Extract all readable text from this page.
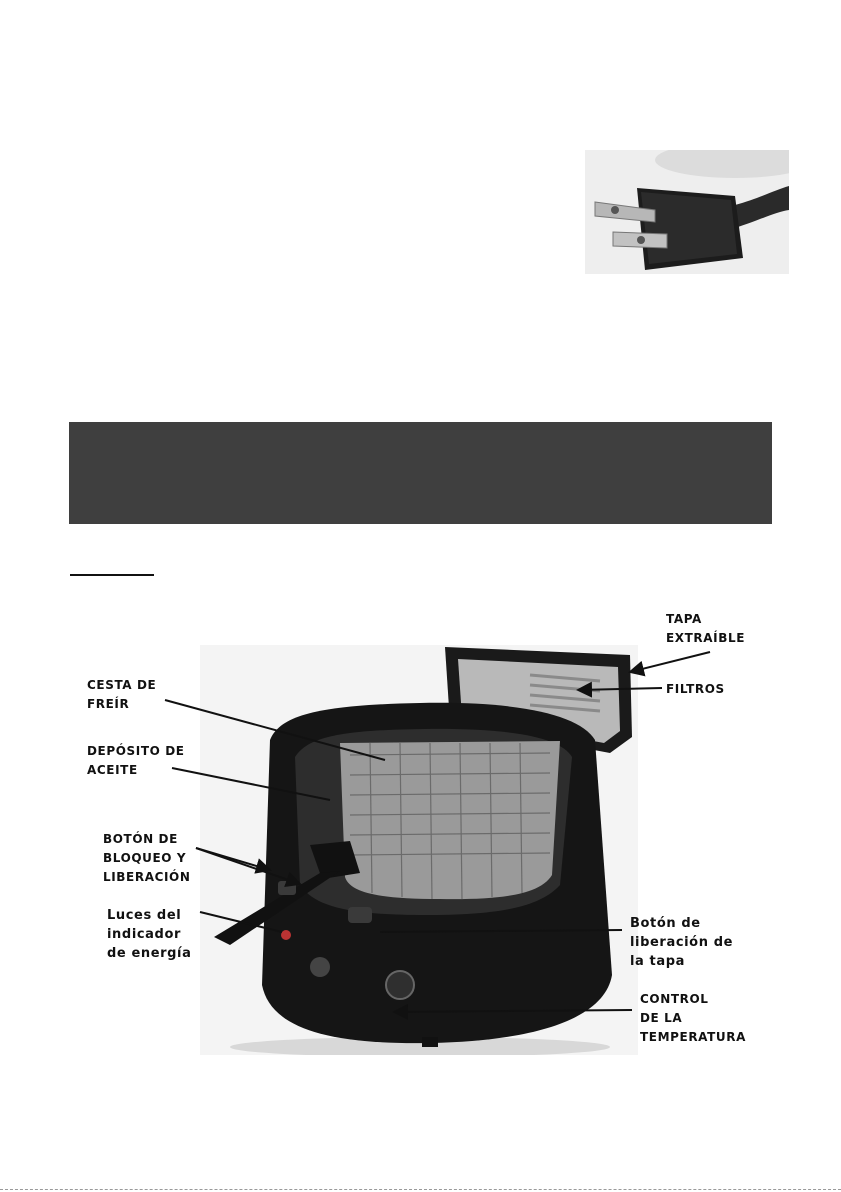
TAPA
EXTRAÍBLE
FILTROS
CESTA DE
FREÍR
DEPÓSITO DE
ACEITE
BOTÓN DE
BLOQUEO Y
LIBERACIÓN
Luces del
indicador
de energía
Botón de
liberación de
la tapa
CONTROL
DE LA
TEMPERATURA
